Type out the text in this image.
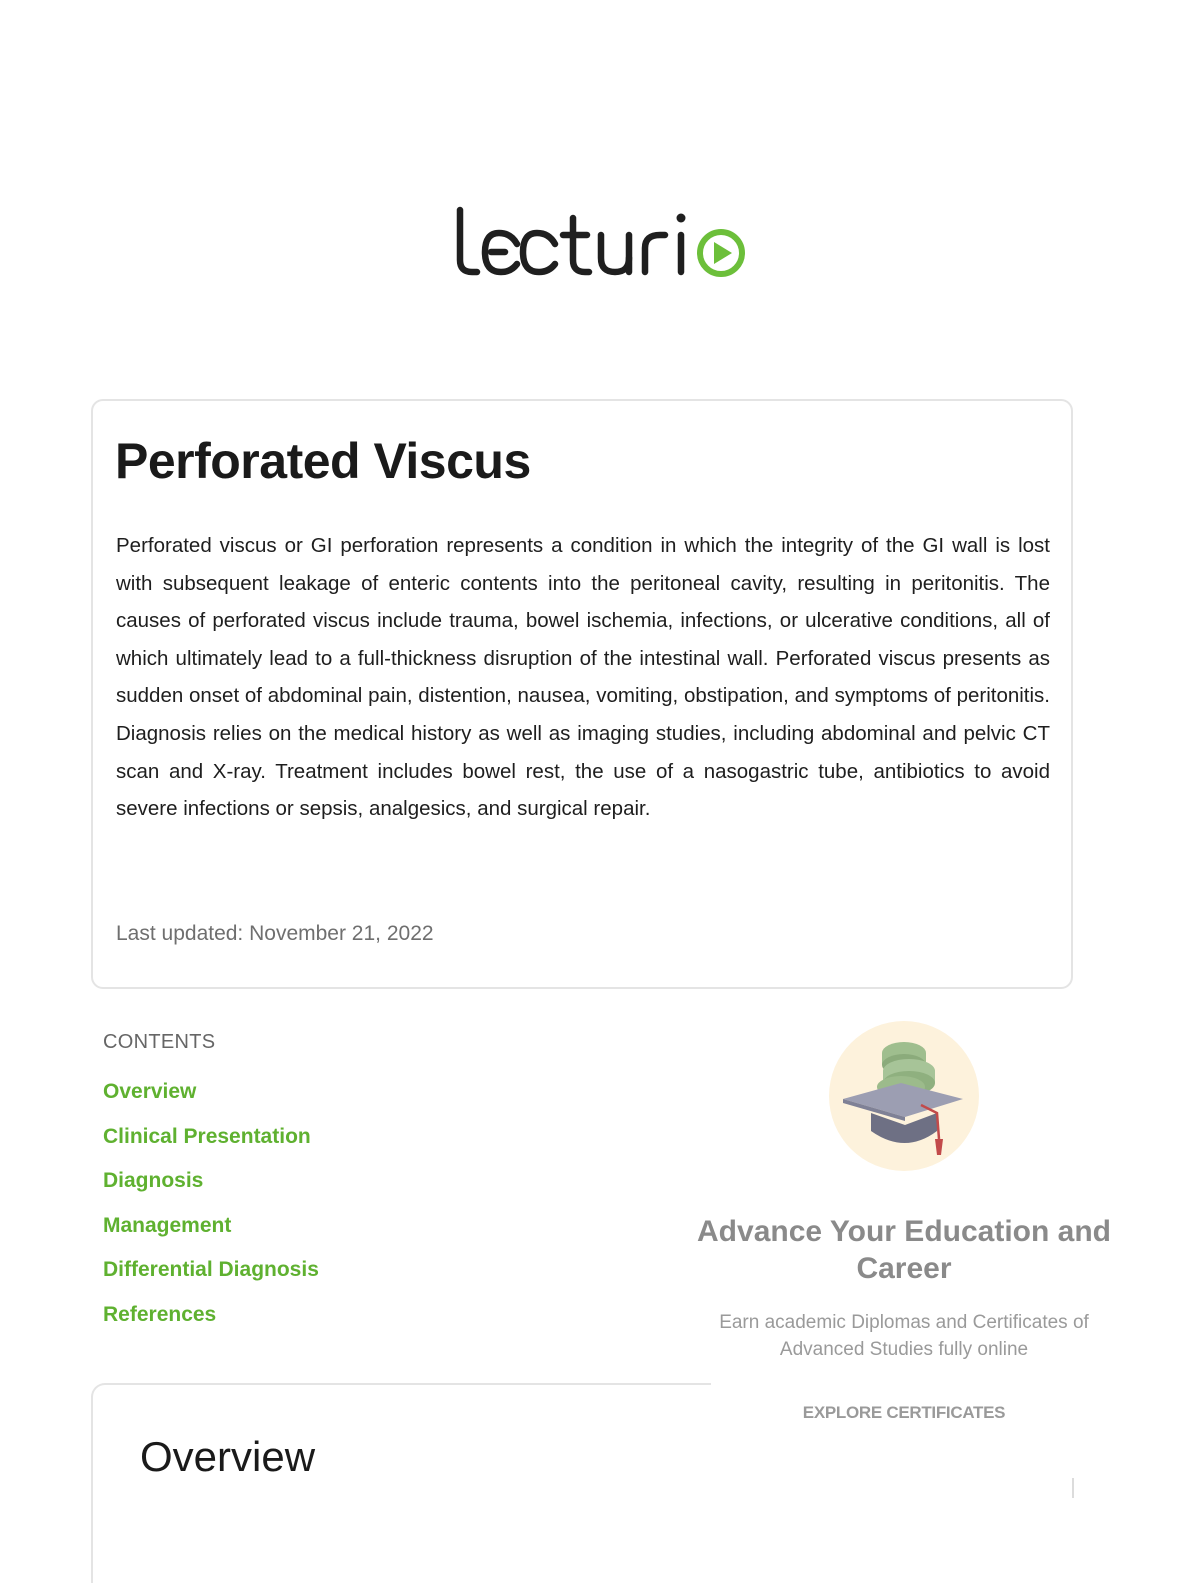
Perforated Viscus

Perforated viscus or GI perforation represents a condition in which the integrity of the GI wall is lost with subsequent leakage of enteric contents into the peritoneal cavity, resulting in peritonitis. The causes of perforated viscus include trauma, bowel ischemia, infections, or ulcerative conditions, all of which ultimately lead to a full-thickness disruption of the intestinal wall. Perforated viscus presents as sudden onset of abdominal pain, distention, nausea, vomiting, obstipation, and symptoms of peritonitis. Diagnosis relies on the medical history as well as imaging studies, including abdominal and pelvic CT scan and X-ray. Treatment includes bowel rest, the use of a nasogastric tube, antibiotics to avoid severe infections or sepsis, analgesics, and surgical repair.

Last updated: November 21, 2022

CONTENTS

Overview
Clinical Presentation
Diagnosis
Management
Differential Diagnosis
References
Advance Your Education and Career

Earn academic Diplomas and Certificates of Advanced Studies fully online

EXPLORE CERTIFICATES

Overview
